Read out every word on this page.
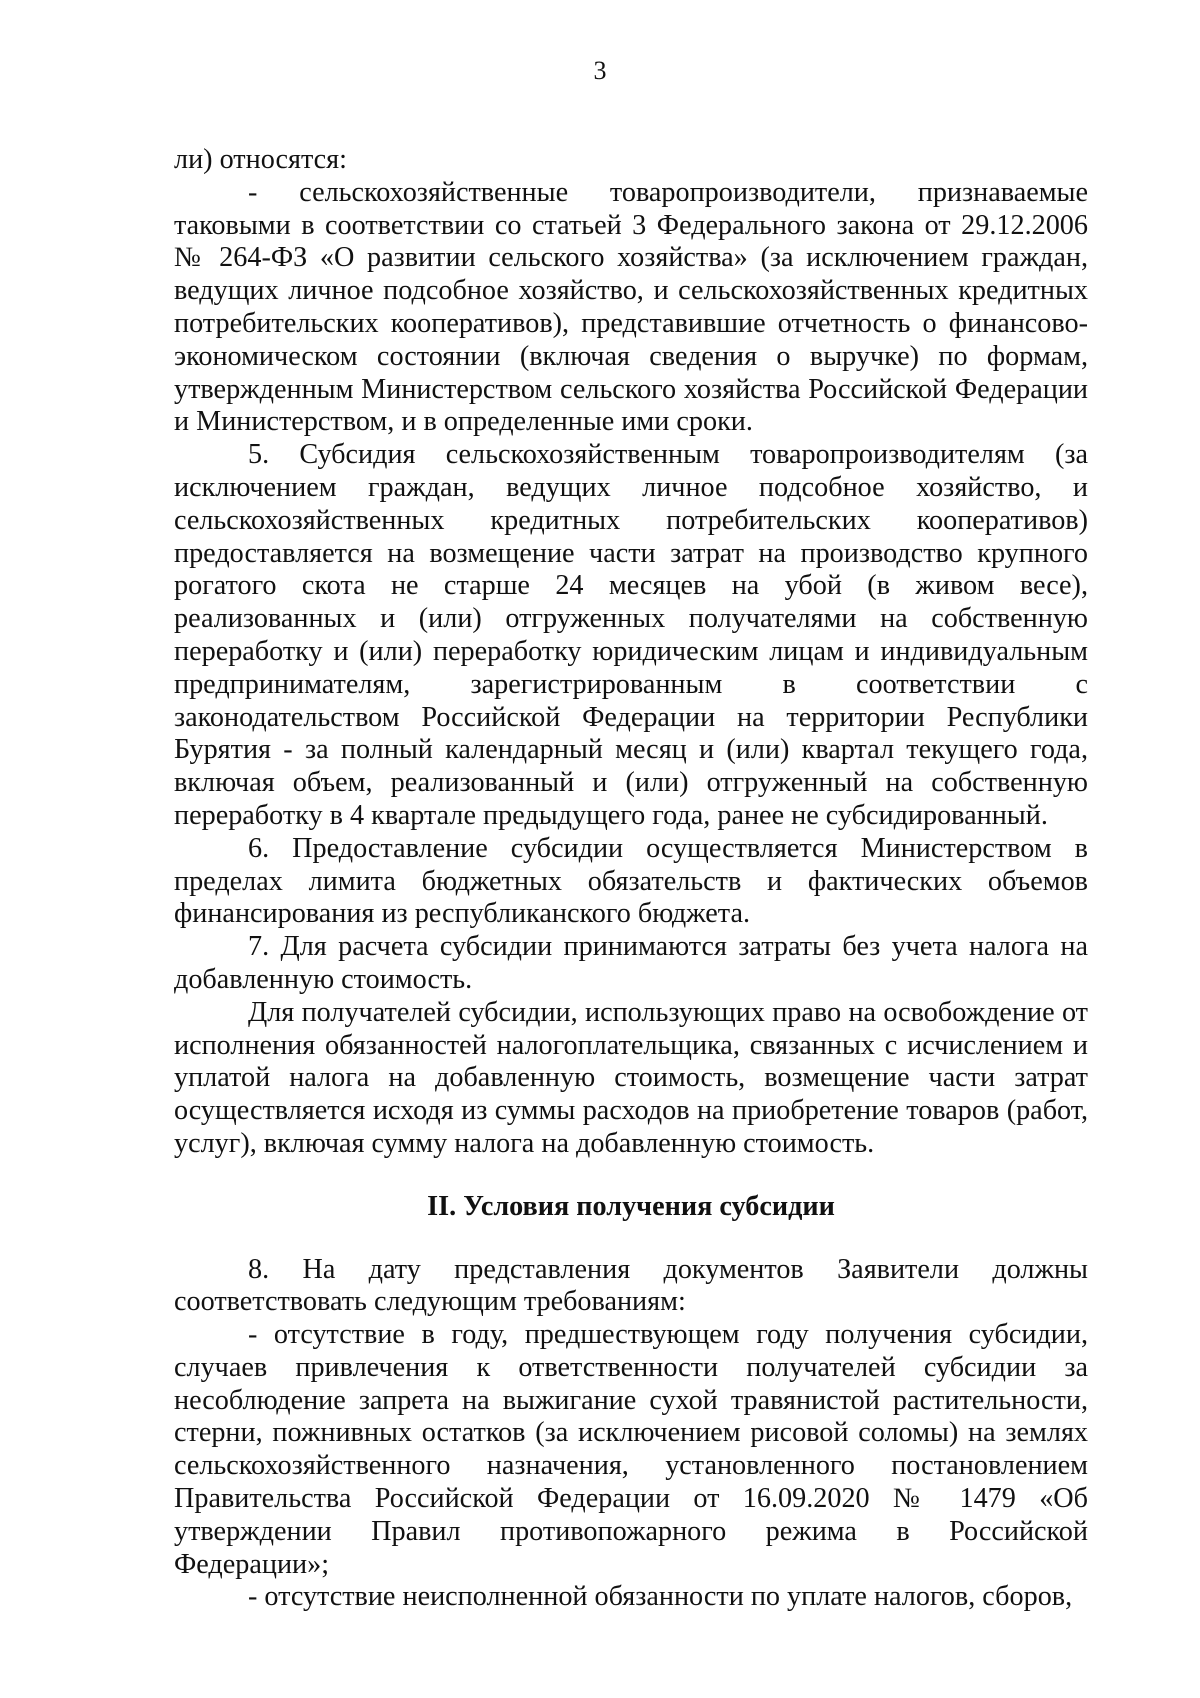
3

ли) относятся:

- сельскохозяйственные товаропроизводители, признаваемые таковыми в соответствии со статьей 3 Федерального закона от 29.12.2006 № 264-ФЗ «О развитии сельского хозяйства» (за исключением граждан, ведущих личное подсобное хозяйство, и сельскохозяйственных кредитных потребительских кооперативов), представившие отчетность о финансово-экономическом состоянии (включая сведения о выручке) по формам, утвержденным Министерством сельского хозяйства Российской Федерации и Министерством, и в определенные ими сроки.

5. Субсидия сельскохозяйственным товаропроизводителям (за исключением граждан, ведущих личное подсобное хозяйство, и сельскохозяйственных кредитных потребительских кооперативов) предоставляется на возмещение части затрат на производство крупного рогатого скота не старше 24 месяцев на убой (в живом весе), реализованных и (или) отгруженных получателями на собственную переработку и (или) переработку юридическим лицам и индивидуальным предпринимателям, зарегистрированным в соответствии с законодательством Российской Федерации на территории Республики Бурятия - за полный календарный месяц и (или) квартал текущего года, включая объем, реализованный и (или) отгруженный на собственную переработку в 4 квартале предыдущего года, ранее не субсидированный.

6. Предоставление субсидии осуществляется Министерством в пределах лимита бюджетных обязательств и фактических объемов финансирования из республиканского бюджета.

7. Для расчета субсидии принимаются затраты без учета налога на добавленную стоимость.

Для получателей субсидии, использующих право на освобождение от исполнения обязанностей налогоплательщика, связанных с исчислением и уплатой налога на добавленную стоимость, возмещение части затрат осуществляется исходя из суммы расходов на приобретение товаров (работ, услуг), включая сумму налога на добавленную стоимость.

II. Условия получения субсидии

8. На дату представления документов Заявители должны соответствовать следующим требованиям:

- отсутствие в году, предшествующем году получения субсидии, случаев привлечения к ответственности получателей субсидии за несоблюдение запрета на выжигание сухой травянистой растительности, стерни, пожнивных остатков (за исключением рисовой соломы) на землях сельскохозяйственного назначения, установленного постановлением Правительства Российской Федерации от 16.09.2020 № 1479 «Об утверждении Правил противопожарного режима в Российской Федерации»;

- отсутствие неисполненной обязанности по уплате налогов, сборов,
